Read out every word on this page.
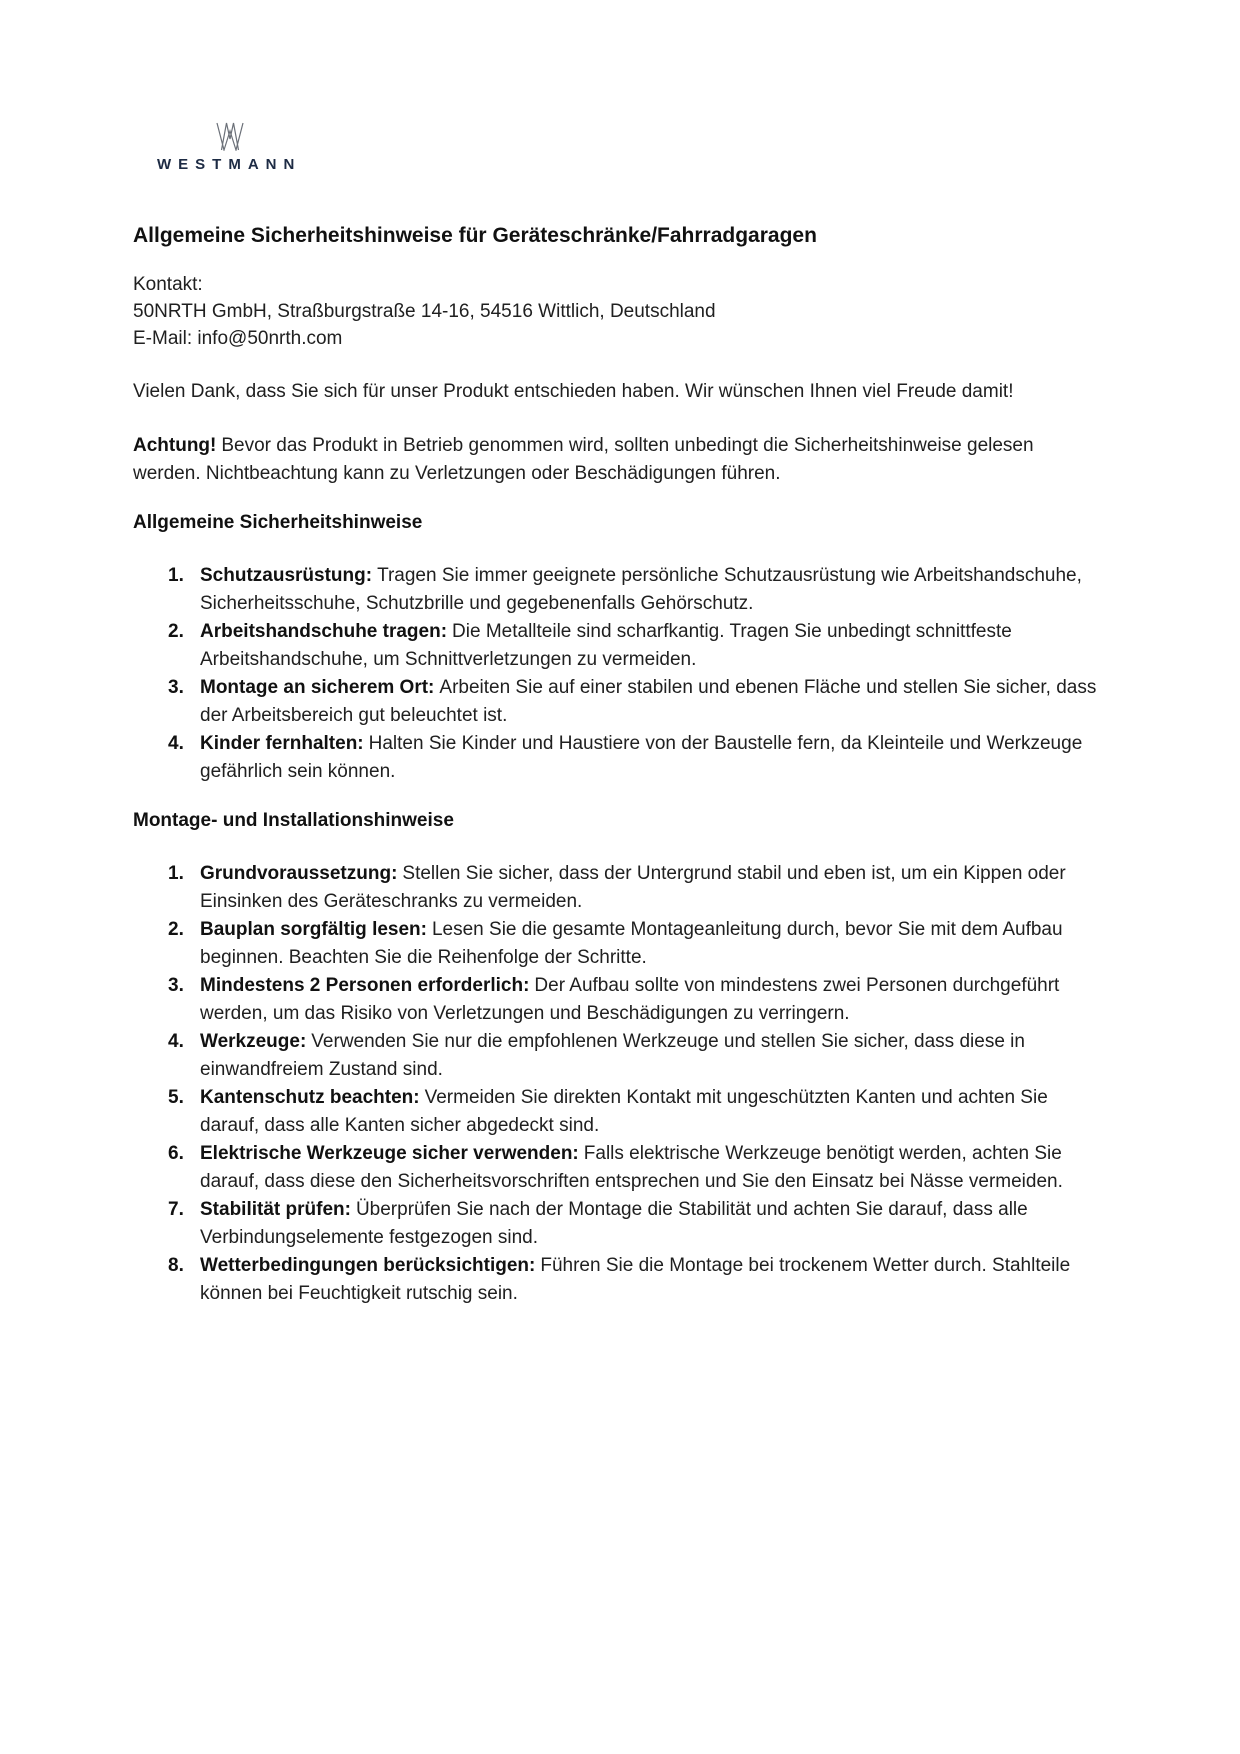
WESTMANN
Allgemeine Sicherheitshinweise für Geräteschränke/Fahrradgaragen
Kontakt:
50NRTH GmbH, Straßburgstraße 14-16, 54516 Wittlich, Deutschland
E-Mail: info@50nrth.com

Vielen Dank, dass Sie sich für unser Produkt entschieden haben. Wir wünschen Ihnen viel Freude damit!

Achtung! Bevor das Produkt in Betrieb genommen wird, sollten unbedingt die Sicherheitshinweise gelesen werden. Nichtbeachtung kann zu Verletzungen oder Beschädigungen führen.

Allgemeine Sicherheitshinweise
1. Schutzausrüstung: Tragen Sie immer geeignete persönliche Schutzausrüstung wie Arbeitshandschuhe, Sicherheitsschuhe, Schutzbrille und gegebenenfalls Gehörschutz.
2. Arbeitshandschuhe tragen: Die Metallteile sind scharfkantig. Tragen Sie unbedingt schnittfeste Arbeitshandschuhe, um Schnittverletzungen zu vermeiden.
3. Montage an sicherem Ort: Arbeiten Sie auf einer stabilen und ebenen Fläche und stellen Sie sicher, dass der Arbeitsbereich gut beleuchtet ist.
4. Kinder fernhalten: Halten Sie Kinder und Haustiere von der Baustelle fern, da Kleinteile und Werkzeuge gefährlich sein können.
Montage- und Installationshinweise
1. Grundvoraussetzung: Stellen Sie sicher, dass der Untergrund stabil und eben ist, um ein Kippen oder Einsinken des Geräteschranks zu vermeiden.
2. Bauplan sorgfältig lesen: Lesen Sie die gesamte Montageanleitung durch, bevor Sie mit dem Aufbau beginnen. Beachten Sie die Reihenfolge der Schritte.
3. Mindestens 2 Personen erforderlich: Der Aufbau sollte von mindestens zwei Personen durchgeführt werden, um das Risiko von Verletzungen und Beschädigungen zu verringern.
4. Werkzeuge: Verwenden Sie nur die empfohlenen Werkzeuge und stellen Sie sicher, dass diese in einwandfreiem Zustand sind.
5. Kantenschutz beachten: Vermeiden Sie direkten Kontakt mit ungeschützten Kanten und achten Sie darauf, dass alle Kanten sicher abgedeckt sind.
6. Elektrische Werkzeuge sicher verwenden: Falls elektrische Werkzeuge benötigt werden, achten Sie darauf, dass diese den Sicherheitsvorschriften entsprechen und Sie den Einsatz bei Nässe vermeiden.
7. Stabilität prüfen: Überprüfen Sie nach der Montage die Stabilität und achten Sie darauf, dass alle Verbindungselemente festgezogen sind.
8. Wetterbedingungen berücksichtigen: Führen Sie die Montage bei trockenem Wetter durch. Stahlteile können bei Feuchtigkeit rutschig sein.
